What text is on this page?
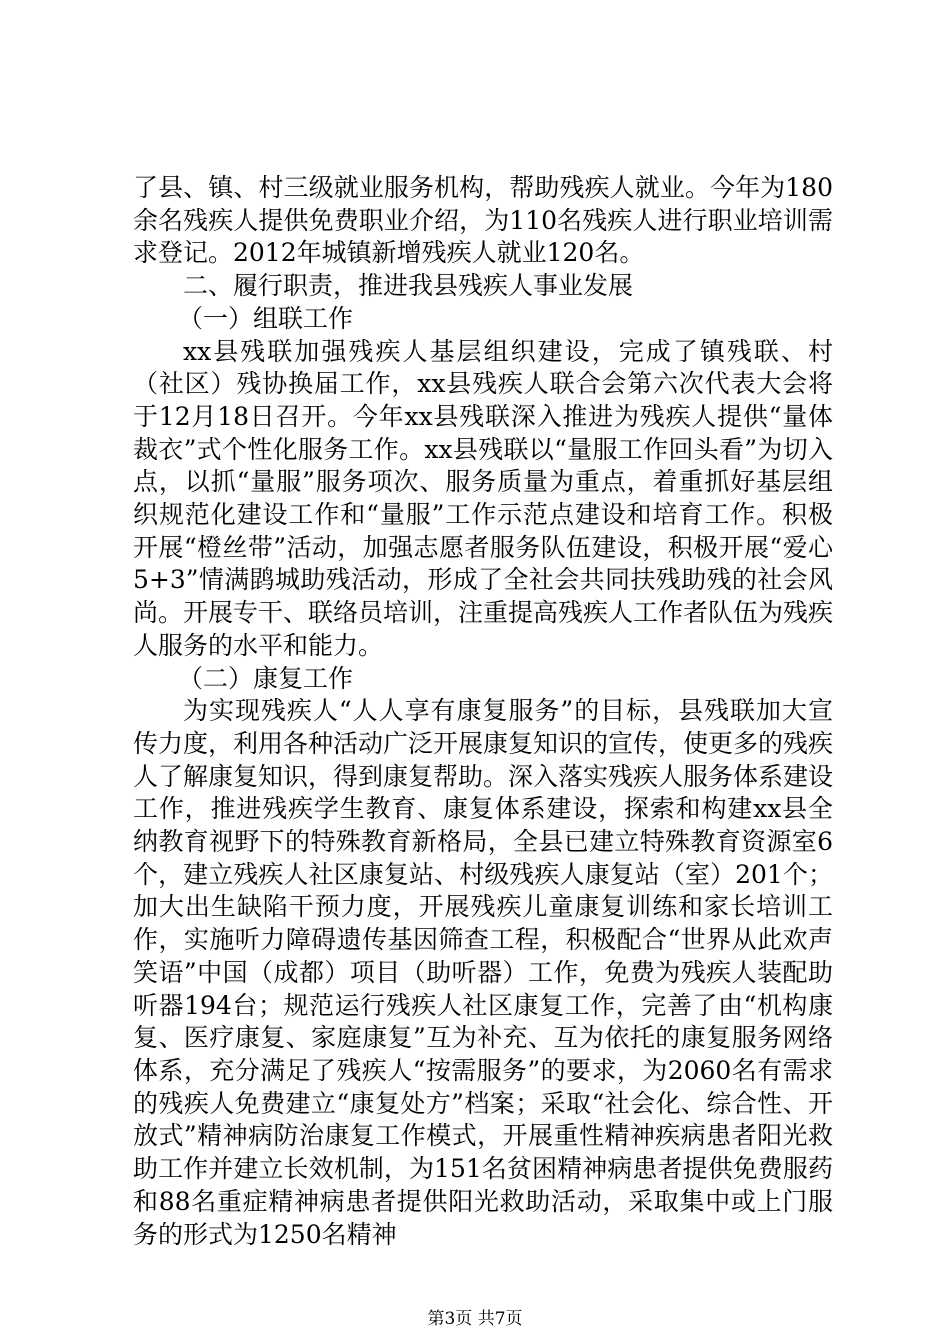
了县、镇、村三级就业服务机构，帮助残疾人就业。今年为180余名残疾人提供免费职业介绍，为110名残疾人进行职业培训需求登记。2012年城镇新增残疾人就业120名。

二、履行职责，推进我县残疾人事业发展

（一）组联工作

xx县残联加强残疾人基层组织建设，完成了镇残联、村（社区）残协换届工作，xx县残疾人联合会第六次代表大会将于12月18日召开。今年xx县残联深入推进为残疾人提供“量体裁衣”式个性化服务工作。xx县残联以“量服工作回头看”为切入点，以抓“量服”服务项次、服务质量为重点，着重抓好基层组织规范化建设工作和“量服”工作示范点建设和培育工作。积极开展“橙丝带”活动，加强志愿者服务队伍建设，积极开展“爱心5+3”情满鹍城助残活动，形成了全社会共同扶残助残的社会风尚。开展专干、联络员培训，注重提高残疾人工作者队伍为残疾人服务的水平和能力。

（二）康复工作

为实现残疾人“人人享有康复服务”的目标，县残联加大宣传力度，利用各种活动广泛开展康复知识的宣传，使更多的残疾人了解康复知识，得到康复帮助。深入落实残疾人服务体系建设工作，推进残疾学生教育、康复体系建设，探索和构建xx县全纳教育视野下的特殊教育新格局，全县已建立特殊教育资源室6个，建立残疾人社区康复站、村级残疾人康复站（室）201个；加大出生缺陷干预力度，开展残疾儿童康复训练和家长培训工作，实施听力障碍遗传基因筛查工程，积极配合“世界从此欢声笑语”中国（成都）项目（助听器）工作，免费为残疾人装配助听器194台；规范运行残疾人社区康复工作，完善了由“机构康复、医疗康复、家庭康复”互为补充、互为依托的康复服务网络体系，充分满足了残疾人“按需服务”的要求，为2060名有需求的残疾人免费建立“康复处方”档案；采取“社会化、综合性、开放式”精神病防治康复工作模式，开展重性精神疾病患者阳光救助工作并建立长效机制，为151名贫困精神病患者提供免费服药和88名重症精神病患者提供阳光救助活动，采取集中或上门服务的形式为1250名精神

第3页 共7页
